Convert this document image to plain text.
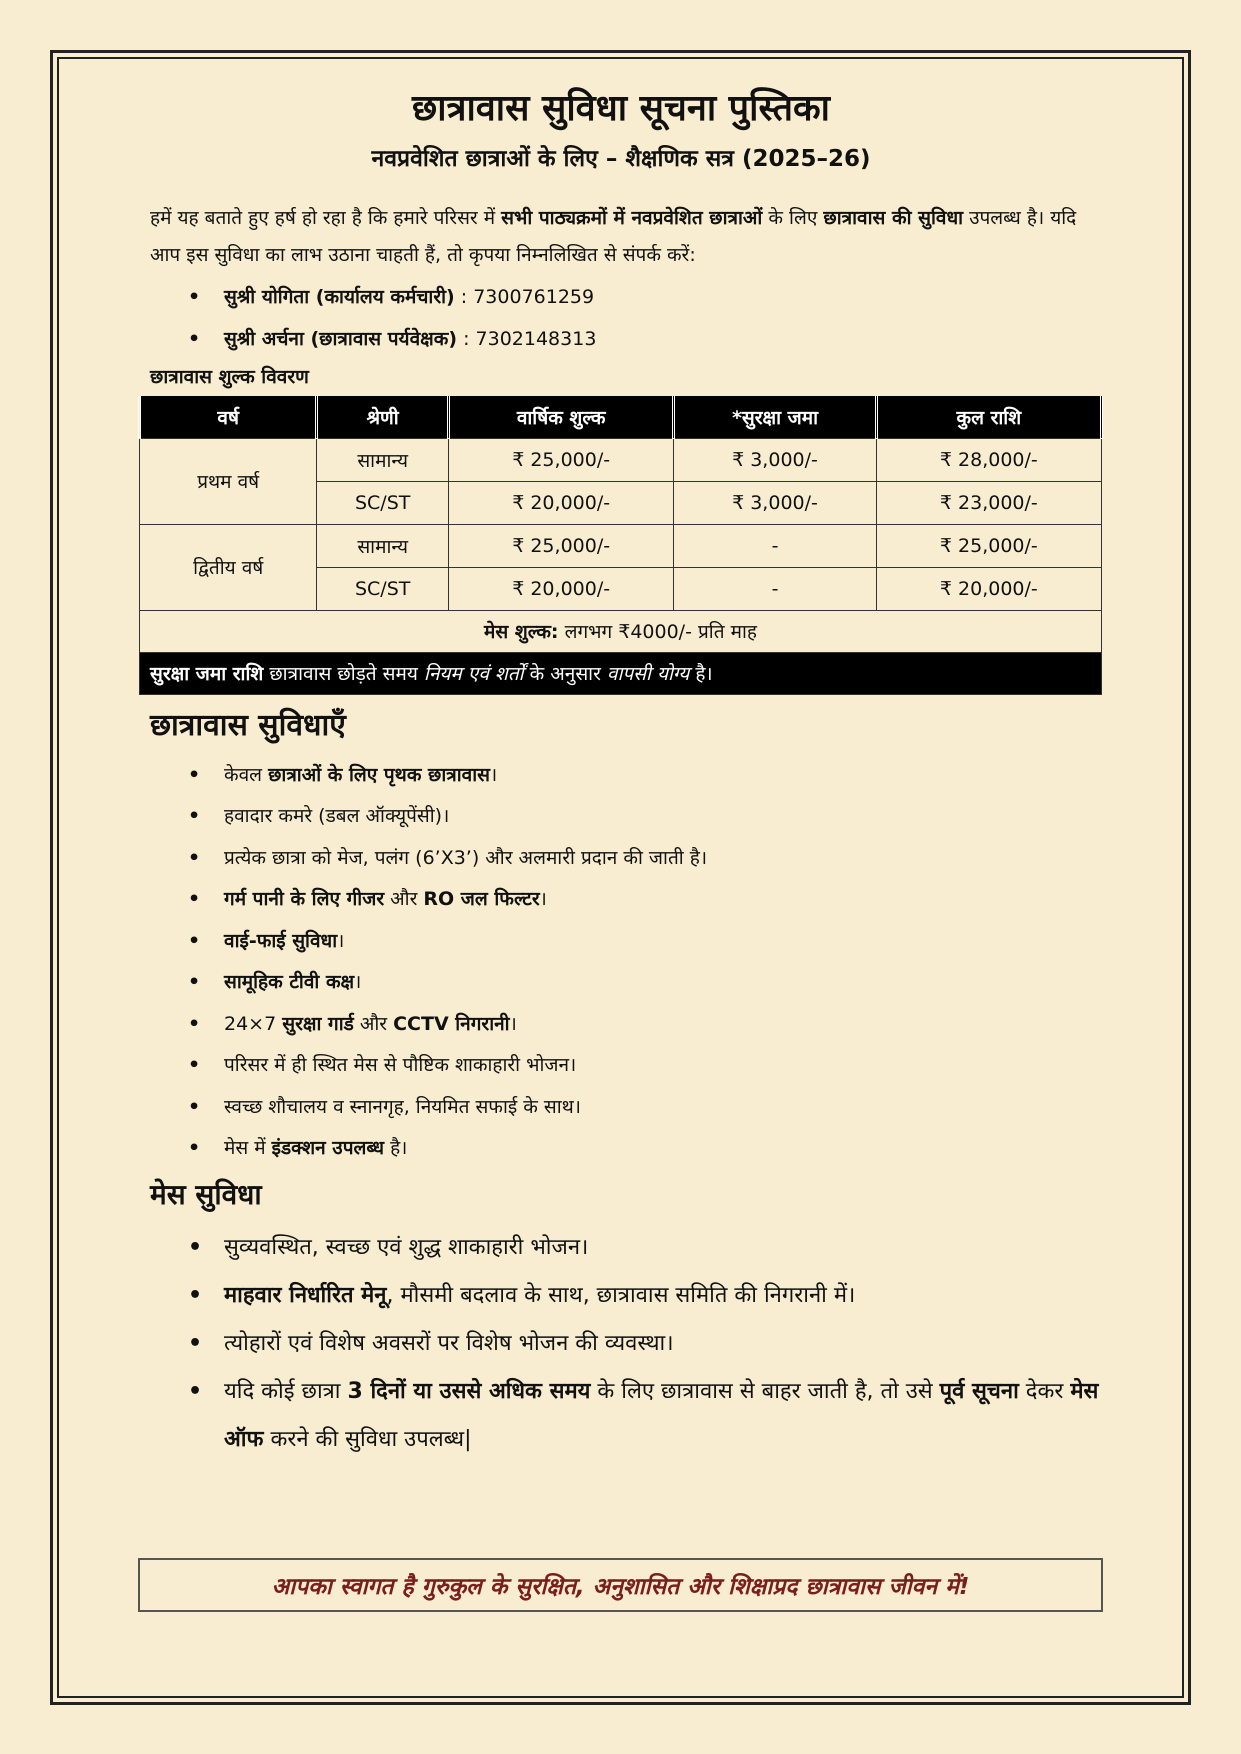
छात्रावास सुविधा सूचना पुस्तिका
नवप्रवेशित छात्राओं के लिए – शैक्षणिक सत्र (2025–26)

हमें यह बताते हुए हर्ष हो रहा है कि हमारे परिसर में सभी पाठ्यक्रमों में नवप्रवेशित छात्राओं के लिए छात्रावास की सुविधा उपलब्ध है। यदि आप इस सुविधा का लाभ उठाना चाहती हैं, तो कृपया निम्नलिखित से संपर्क करें:

• सुश्री योगिता (कार्यालय कर्मचारी) : 7300761259
• सुश्री अर्चना (छात्रावास पर्यवेक्षक) : 7302148313
छात्रावास शुल्क विवरण
वर्ष	श्रेणी	वार्षिक शुल्क	*सुरक्षा जमा	कुल राशि
प्रथम वर्ष	सामान्य	₹ 25,000/-	₹ 3,000/-	₹ 28,000/-
	SC/ST	₹ 20,000/-	₹ 3,000/-	₹ 23,000/-
द्वितीय वर्ष	सामान्य	₹ 25,000/-	-	₹ 25,000/-
	SC/ST	₹ 20,000/-	-	₹ 20,000/-
मेस शुल्क: लगभग ₹4000/- प्रति माह				
सुरक्षा जमा राशि छात्रावास छोड़ते समय नियम एवं शर्तों के अनुसार वापसी योग्य है।				
छात्रावास सुविधाएँ
• केवल छात्राओं के लिए पृथक छात्रावास।
• हवादार कमरे (डबल ऑक्यूपेंसी)।
• प्रत्येक छात्रा को मेज, पलंग (6’X3’) और अलमारी प्रदान की जाती है।
• गर्म पानी के लिए गीजर और RO जल फिल्टर।
• वाई-फाई सुविधा।
• सामूहिक टीवी कक्ष।
• 24×7 सुरक्षा गार्ड और CCTV निगरानी।
• परिसर में ही स्थित मेस से पौष्टिक शाकाहारी भोजन।
• स्वच्छ शौचालय व स्नानगृह, नियमित सफाई के साथ।
• मेस में इंडक्शन उपलब्ध है।
मेस सुविधा
• सुव्यवस्थित, स्वच्छ एवं शुद्ध शाकाहारी भोजन।
• माहवार निर्धारित मेनू, मौसमी बदलाव के साथ, छात्रावास समिति की निगरानी में।
• त्योहारों एवं विशेष अवसरों पर विशेष भोजन की व्यवस्था।
• यदि कोई छात्रा 3 दिनों या उससे अधिक समय के लिए छात्रावास से बाहर जाती है, तो उसे पूर्व सूचना देकर मेस ऑफ करने की सुविधा उपलब्ध|
आपका स्वागत है गुरुकुल के सुरक्षित, अनुशासित और शिक्षाप्रद छात्रावास जीवन में!
